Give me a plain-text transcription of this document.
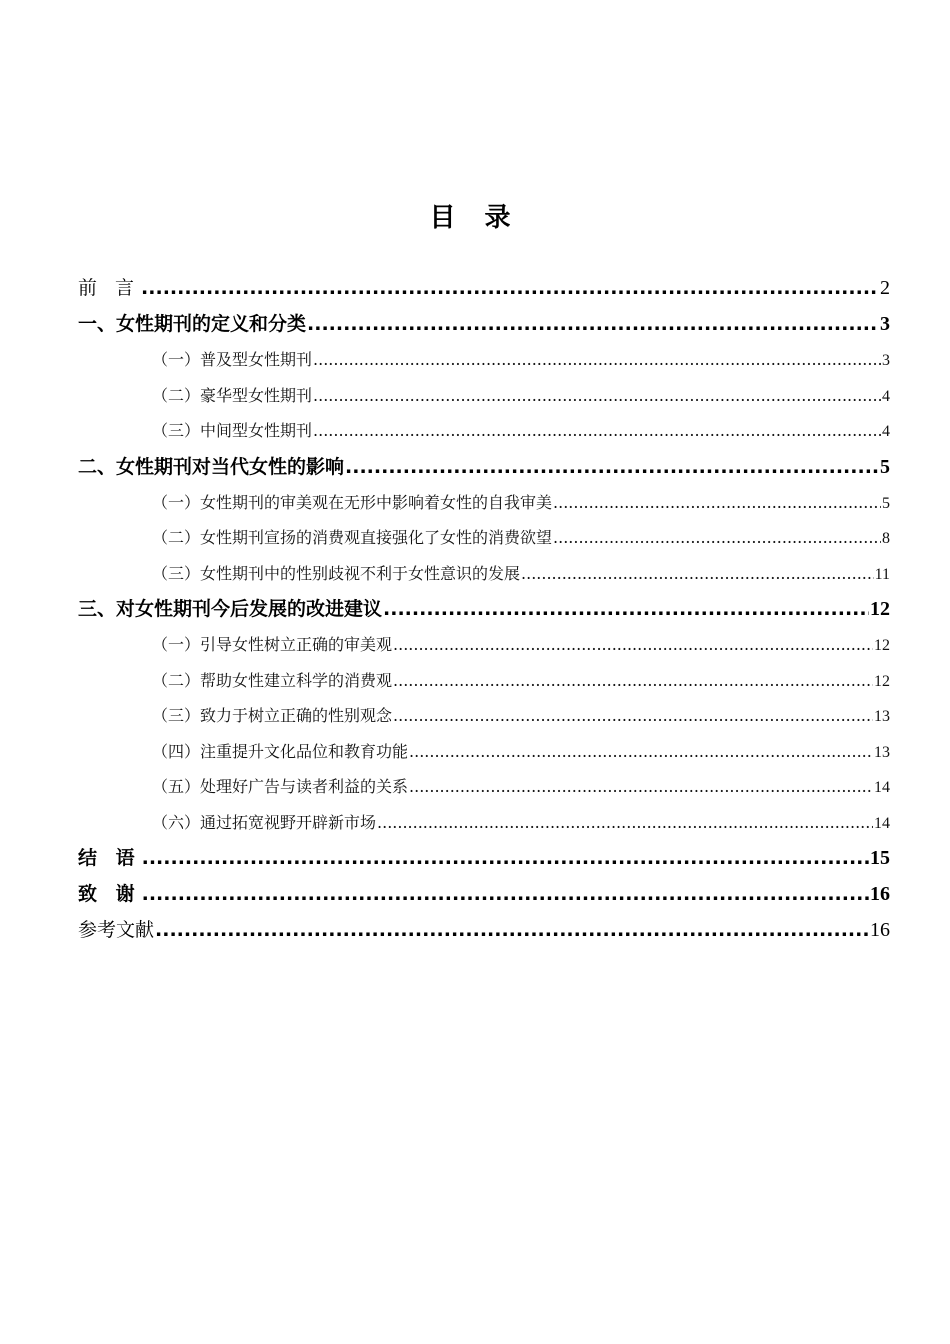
目 录
前 言 .....	2
一、女性期刊的定义和分类 .....	3
（一）普及型女性期刊 .....	3
（二）豪华型女性期刊 .....	4
（三）中间型女性期刊 .....	4
二、女性期刊对当代女性的影响 .....	5
（一）女性期刊的审美观在无形中影响着女性的自我审美 .....	5
（二）女性期刊宣扬的消费观直接强化了女性的消费欲望 .....	8
（三）女性期刊中的性别歧视不利于女性意识的发展 .....	11
三、对女性期刊今后发展的改进建议 .....	12
（一）引导女性树立正确的审美观 .....	12
（二）帮助女性建立科学的消费观 .....	12
（三）致力于树立正确的性别观念 .....	13
（四）注重提升文化品位和教育功能 .....	13
（五）处理好广告与读者利益的关系 .....	14
（六）通过拓宽视野开辟新市场 .....	14
结 语 .....	15
致 谢 .....	16
参考文献 .....	16
